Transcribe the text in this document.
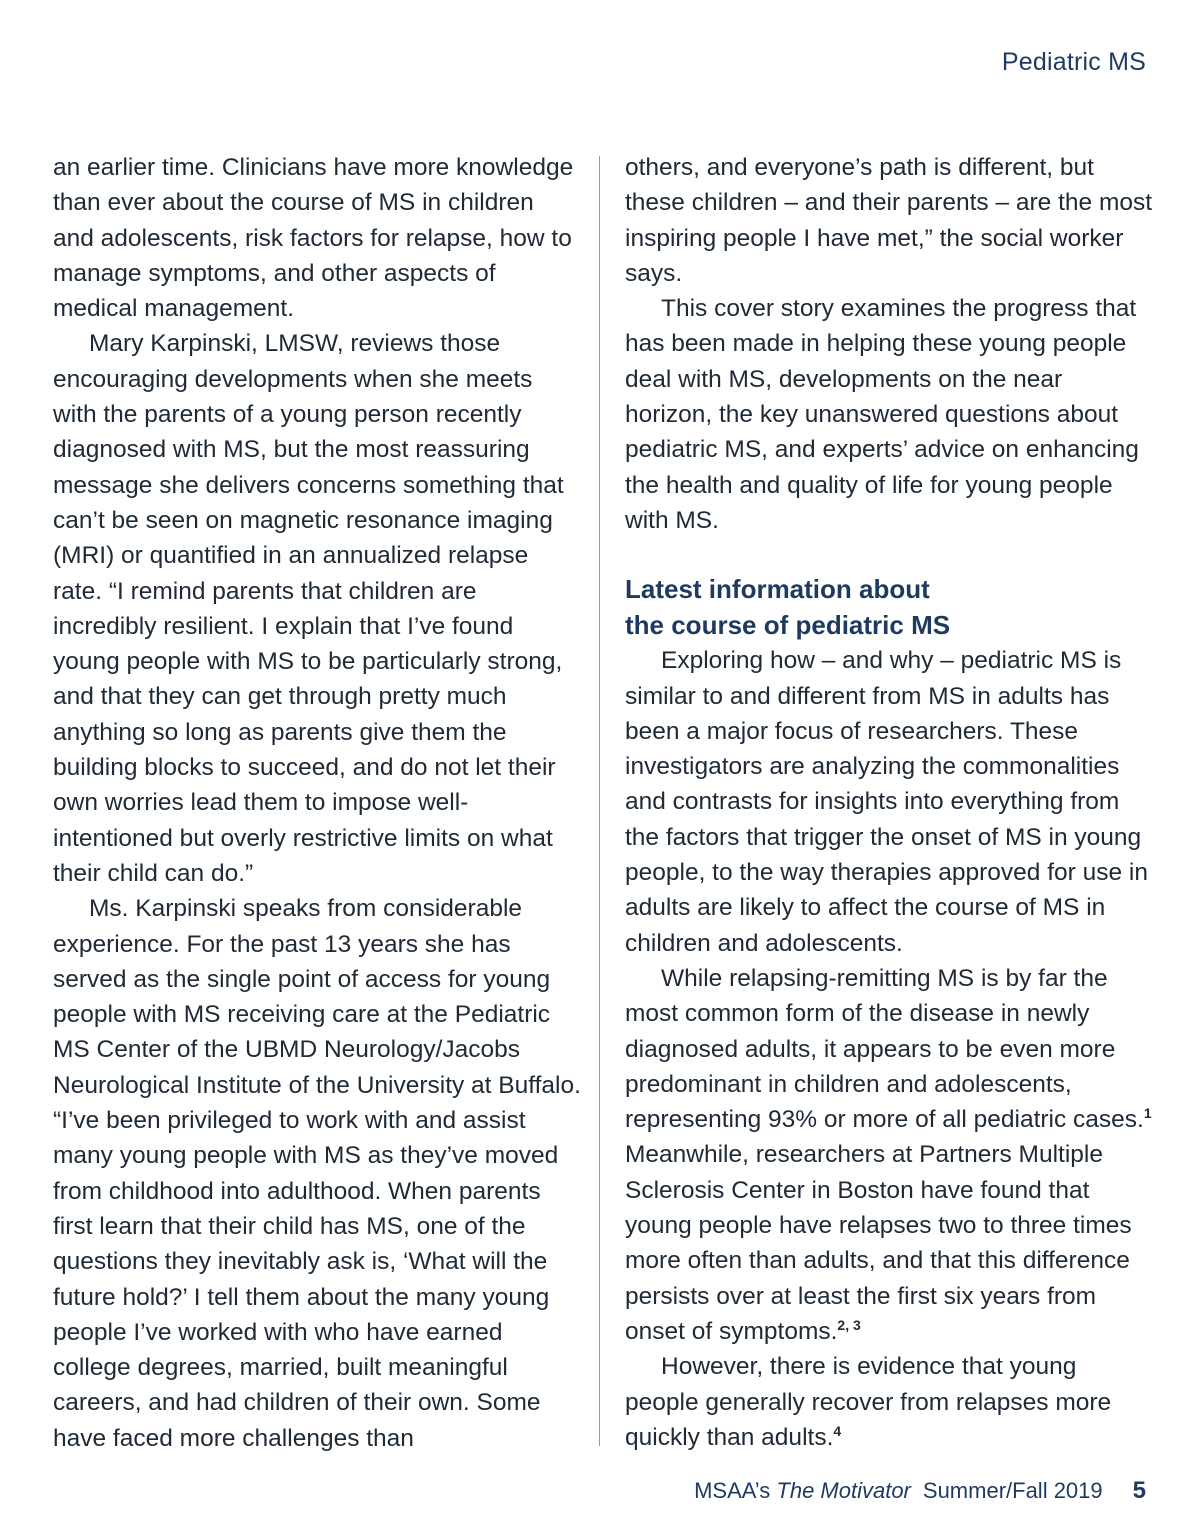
Pediatric MS

an earlier time. Clinicians have more knowledge than ever about the course of MS in children and adolescents, risk factors for relapse, how to manage symptoms, and other aspects of medical management.

Mary Karpinski, LMSW, reviews those encouraging developments when she meets with the parents of a young person recently diagnosed with MS, but the most reassuring message she delivers concerns something that can’t be seen on magnetic resonance imaging (MRI) or quantified in an annualized relapse rate. “I remind parents that children are incredibly resilient. I explain that I’ve found young people with MS to be particularly strong, and that they can get through pretty much anything so long as parents give them the building blocks to succeed, and do not let their own worries lead them to impose well-intentioned but overly restrictive limits on what their child can do.”

Ms. Karpinski speaks from considerable experience. For the past 13 years she has served as the single point of access for young people with MS receiving care at the Pediatric MS Center of the UBMD Neurology/Jacobs Neurological Institute of the University at Buffalo. “I’ve been privileged to work with and assist many young people with MS as they’ve moved from childhood into adulthood. When parents first learn that their child has MS, one of the questions they inevitably ask is, ‘What will the future hold?’ I tell them about the many young people I’ve worked with who have earned college degrees, married, built meaningful careers, and had children of their own. Some have faced more challenges than

others, and everyone’s path is different, but these children – and their parents – are the most inspiring people I have met,” the social worker says.

This cover story examines the progress that has been made in helping these young people deal with MS, developments on the near horizon, the key unanswered questions about pediatric MS, and experts’ advice on enhancing the health and quality of life for young people with MS.

Latest information about
the course of pediatric MS

Exploring how – and why – pediatric MS is similar to and different from MS in adults has been a major focus of researchers. These investigators are analyzing the commonalities and contrasts for insights into everything from the factors that trigger the onset of MS in young people, to the way therapies approved for use in adults are likely to affect the course of MS in children and adolescents.

While relapsing-remitting MS is by far the most common form of the disease in newly diagnosed adults, it appears to be even more predominant in children and adolescents, representing 93% or more of all pediatric cases.$^1$ Meanwhile, researchers at Partners Multiple Sclerosis Center in Boston have found that young people have relapses two to three times more often than adults, and that this difference persists over at least the first six years from onset of symptoms.$^{2, 3}$

However, there is evidence that young people generally recover from relapses more quickly than adults.$^4$

MSAA’s The Motivator Summer/Fall 2019 5
